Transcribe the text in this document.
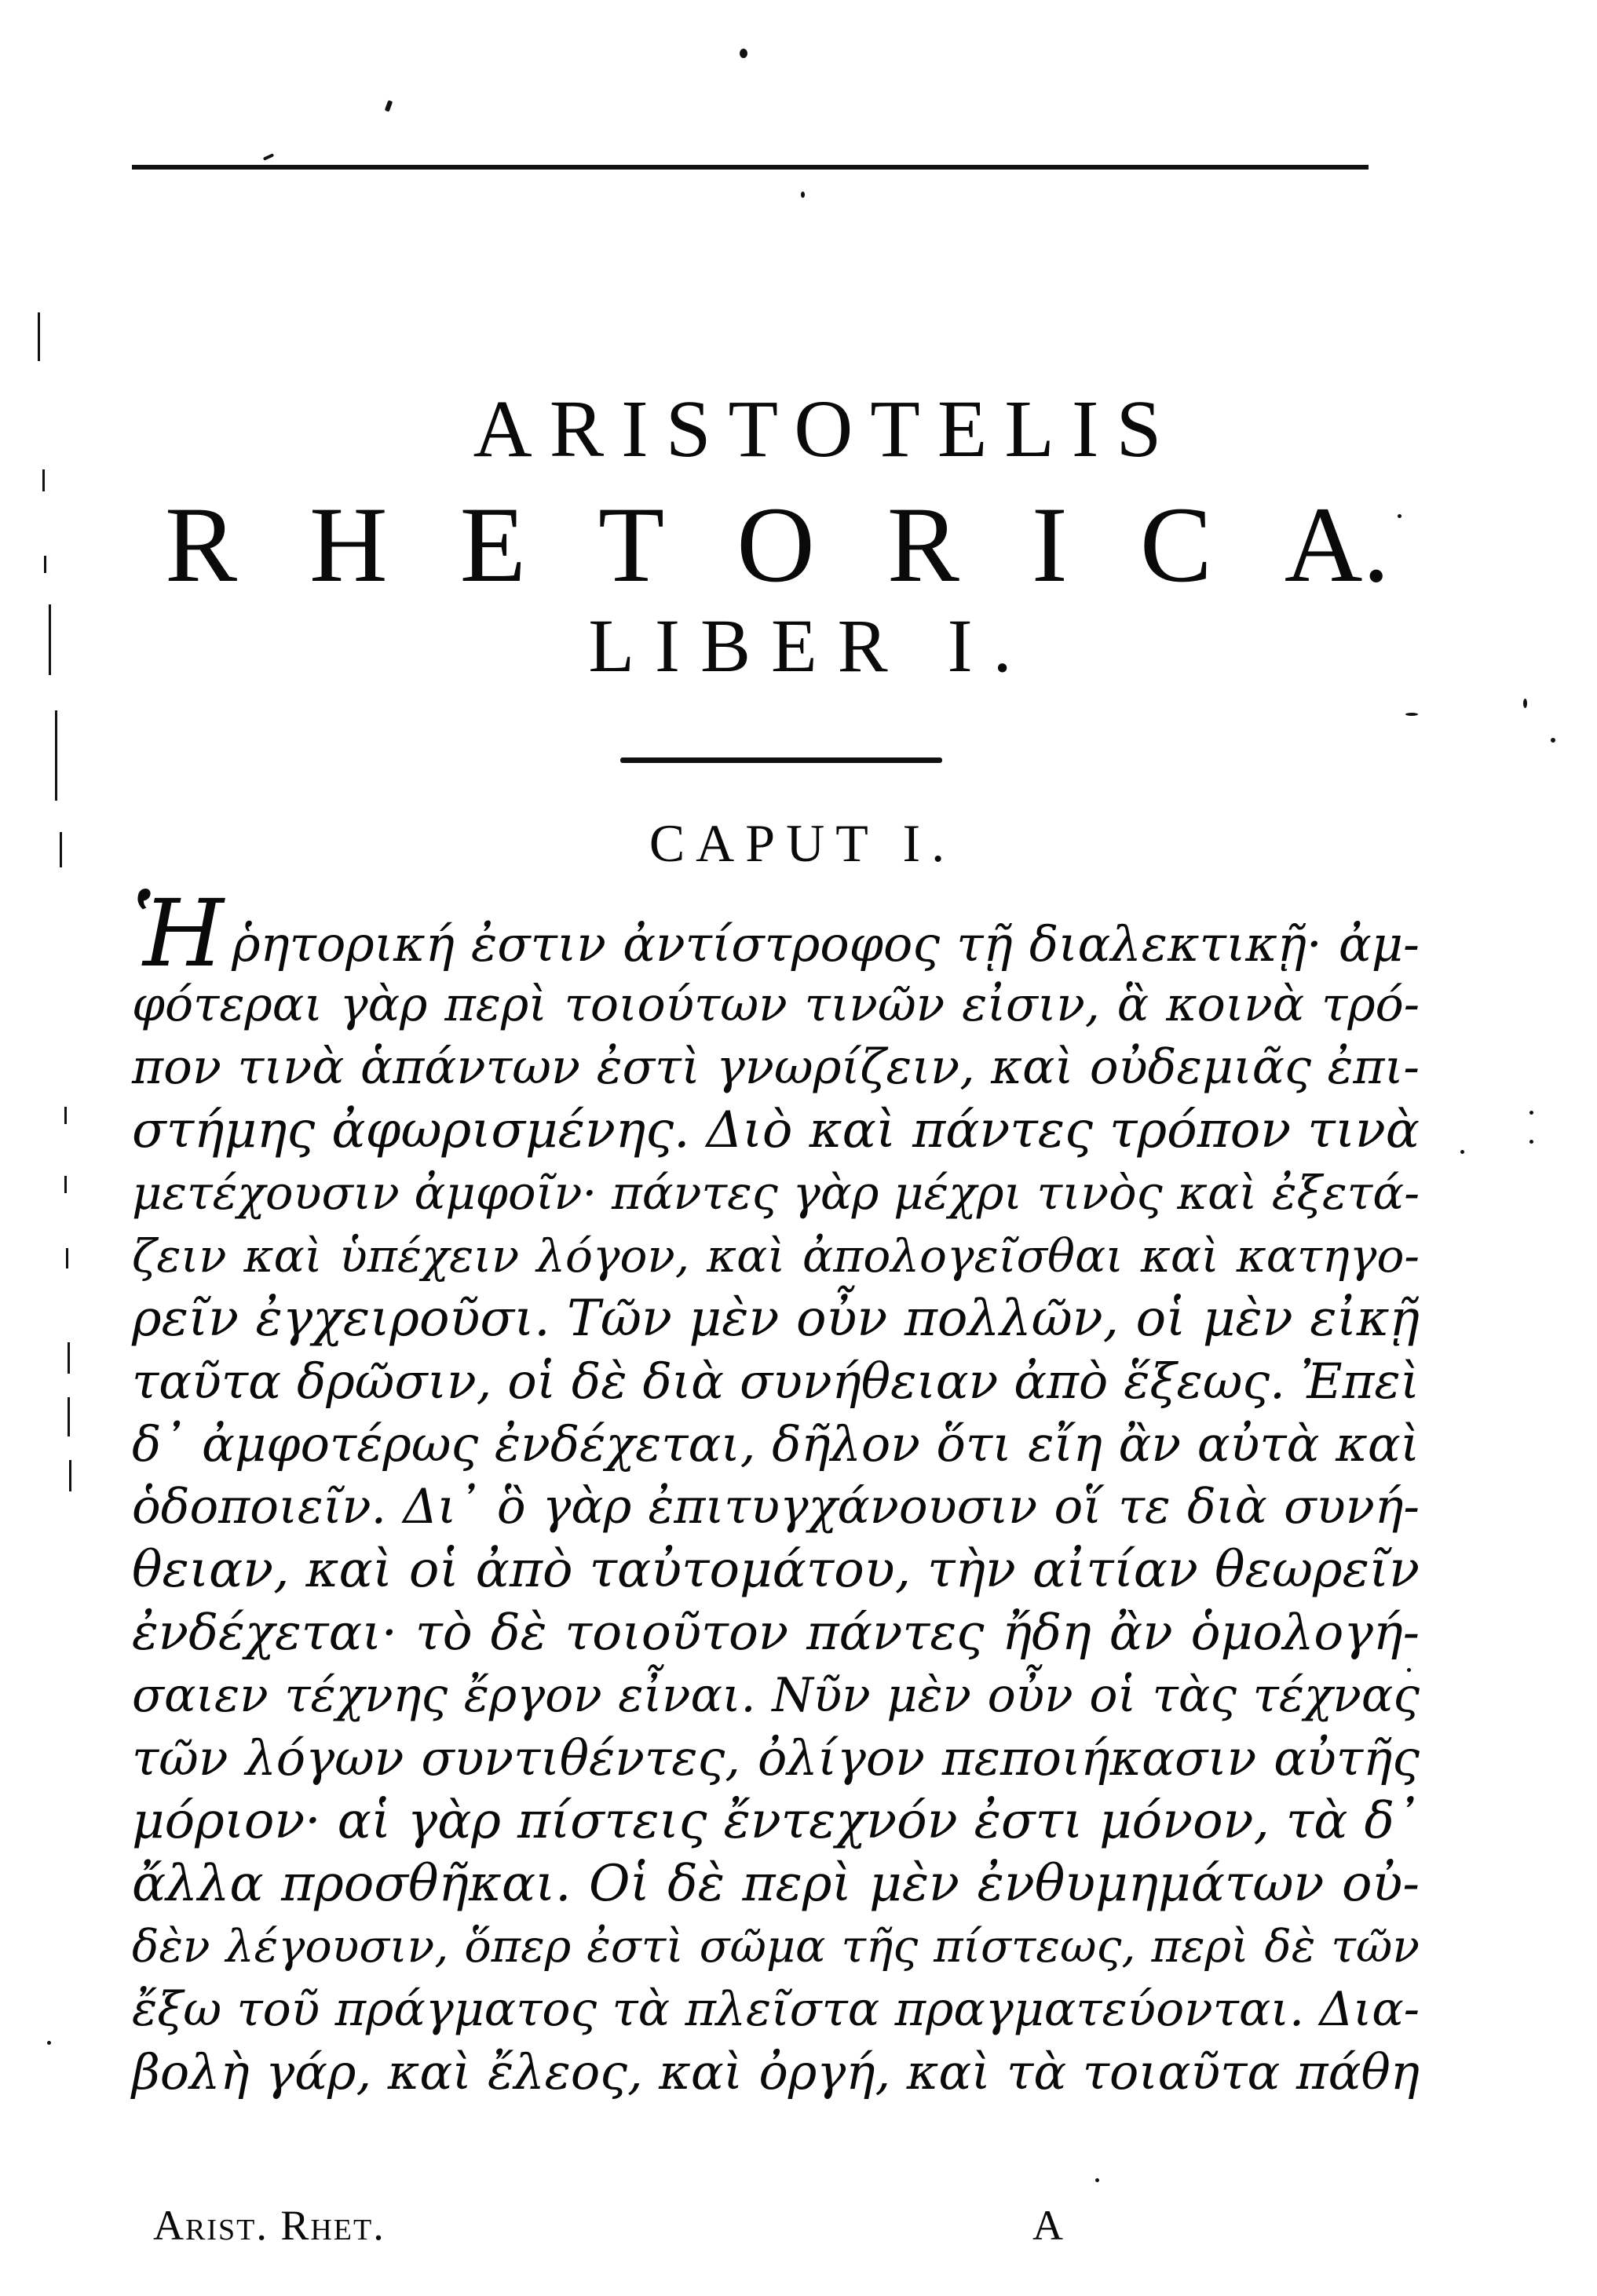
ARISTOTELIS
R H E T O R I C A.
LIBER I.
CAPUT I.
Ἡῥητορική ἐστιν ἀντίστροφος τῇ διαλεκτικῇ· ἀμ-
φότεραι γὰρ περὶ τοιούτων τινῶν εἰσιν, ἃ κοινὰ τρό-
πον τινὰ ἁπάντων ἐστὶ γνωρίζειν, καὶ οὐδεμιᾶς ἐπι-
στήμης ἀφωρισμένης. Διὸ καὶ πάντες τρόπον τινὰ
μετέχουσιν ἀμφοῖν· πάντες γὰρ μέχρι τινὸς καὶ ἐξετά-
ζειν καὶ ὑπέχειν λόγον, καὶ ἀπολογεῖσθαι καὶ κατηγο-
ρεῖν ἐγχειροῦσι. Τῶν μὲν οὖν πολλῶν, οἱ μὲν εἰκῇ
ταῦτα δρῶσιν, οἱ δὲ διὰ συνήθειαν ἀπὸ ἕξεως. Ἐπεὶ
δ᾽ ἀμφοτέρως ἐνδέχεται, δῆλον ὅτι εἴη ἂν αὐτὰ καὶ
ὁδοποιεῖν. Δι᾽ ὃ γὰρ ἐπιτυγχάνουσιν οἵ τε διὰ συνή-
θειαν, καὶ οἱ ἀπὸ ταὐτομάτου, τὴν αἰτίαν θεωρεῖν
ἐνδέχεται· τὸ δὲ τοιοῦτον πάντες ἤδη ἂν ὁμολογή-
σαιεν τέχνης ἔργον εἶναι. Νῦν μὲν οὖν οἱ τὰς τέχνας
τῶν λόγων συντιθέντες, ὀλίγον πεποιήκασιν αὐτῆς
μόριον· αἱ γὰρ πίστεις ἔντεχνόν ἐστι μόνον, τὰ δ᾽
ἄλλα προσθῆκαι. Οἱ δὲ περὶ μὲν ἐνθυμημάτων οὐ-
δὲν λέγουσιν, ὅπερ ἐστὶ σῶμα τῆς πίστεως, περὶ δὲ τῶν
ἔξω τοῦ πράγματος τὰ πλεῖστα πραγματεύονται. Δια-
βολὴ γάρ, καὶ ἔλεος, καὶ ὀργή, καὶ τὰ τοιαῦτα πάθη
Arist. Rhet.	A
